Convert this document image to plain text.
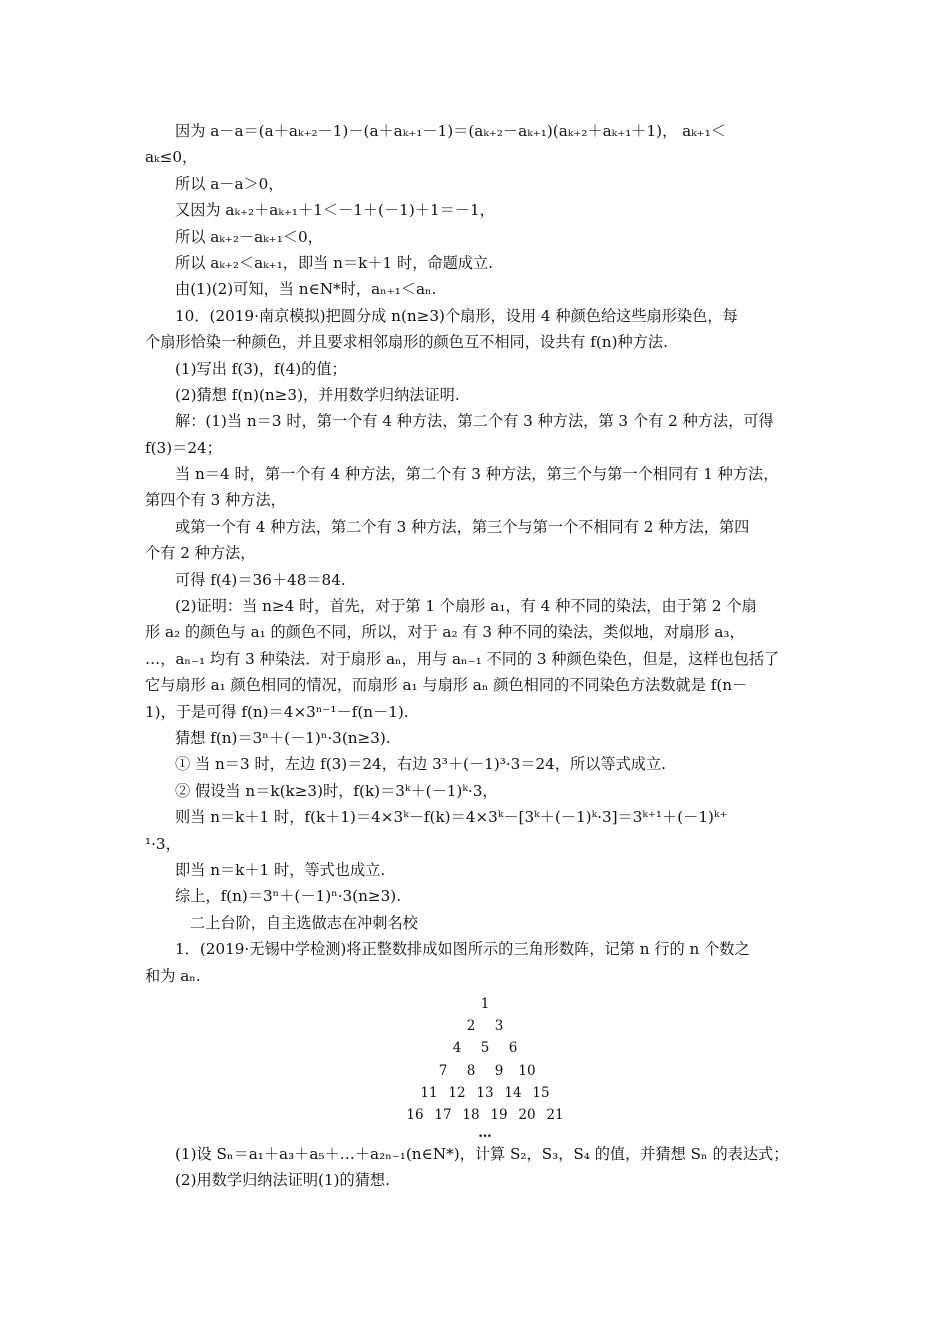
因为 a－a＝(a＋aₖ₊₂－1)－(a＋aₖ₊₁－1)＝(aₖ₊₂－aₖ₊₁)(aₖ₊₂＋aₖ₊₁＋1)， aₖ₊₁＜
aₖ≤0，
所以 a－a＞0，
又因为 aₖ₊₂＋aₖ₊₁＋1＜－1＋(－1)＋1＝－1，
所以 aₖ₊₂－aₖ₊₁＜0，
所以 aₖ₊₂＜aₖ₊₁，即当 n＝k＋1 时，命题成立.
由(1)(2)可知，当 n∈N*时，aₙ₊₁＜aₙ.
10．(2019·南京模拟)把圆分成 n(n≥3)个扇形，设用 4 种颜色给这些扇形染色，每
个扇形恰染一种颜色，并且要求相邻扇形的颜色互不相同，设共有 f(n)种方法.
(1)写出 f(3)，f(4)的值；
(2)猜想 f(n)(n≥3)，并用数学归纳法证明.
解：(1)当 n＝3 时，第一个有 4 种方法，第二个有 3 种方法，第 3 个有 2 种方法，可得
f(3)＝24；
当 n＝4 时，第一个有 4 种方法，第二个有 3 种方法，第三个与第一个相同有 1 种方法，
第四个有 3 种方法，
或第一个有 4 种方法，第二个有 3 种方法，第三个与第一个不相同有 2 种方法，第四
个有 2 种方法，
可得 f(4)＝36＋48＝84.
(2)证明：当 n≥4 时，首先，对于第 1 个扇形 a₁，有 4 种不同的染法，由于第 2 个扇
形 a₂ 的颜色与 a₁ 的颜色不同，所以，对于 a₂ 有 3 种不同的染法，类似地，对扇形 a₃，
…，aₙ₋₁ 均有 3 种染法．对于扇形 aₙ，用与 aₙ₋₁ 不同的 3 种颜色染色，但是，这样也包括了
它与扇形 a₁ 颜色相同的情况，而扇形 a₁ 与扇形 aₙ 颜色相同的不同染色方法数就是 f(n－
1)，于是可得 f(n)＝4×3ⁿ⁻¹－f(n－1).
猜想 f(n)＝3ⁿ＋(－1)ⁿ·3(n≥3).
① 当 n＝3 时，左边 f(3)＝24，右边 3³＋(－1)³·3＝24，所以等式成立.
② 假设当 n＝k(k≥3)时，f(k)＝3ᵏ＋(－1)ᵏ·3，
则当 n＝k＋1 时，f(k＋1)＝4×3ᵏ－f(k)＝4×3ᵏ－[3ᵏ＋(－1)ᵏ·3]＝3ᵏ⁺¹＋(－1)ᵏ⁺
¹·3，
即当 n＝k＋1 时，等式也成立.
综上，f(n)＝3ⁿ＋(－1)ⁿ·3(n≥3).
二上台阶，自主选做志在冲刺名校
1．(2019·无锡中学检测)将正整数排成如图所示的三角形数阵，记第 n 行的 n 个数之
和为 aₙ.
1
2	3
4	5	6
7	8	9	10
11 12 13 14 15
16 17 18 19 20 21
…
(1)设 Sₙ＝a₁＋a₃＋a₅＋…＋a₂ₙ₋₁(n∈N*)，计算 S₂，S₃，S₄ 的值，并猜想 Sₙ 的表达式；
(2)用数学归纳法证明(1)的猜想.
